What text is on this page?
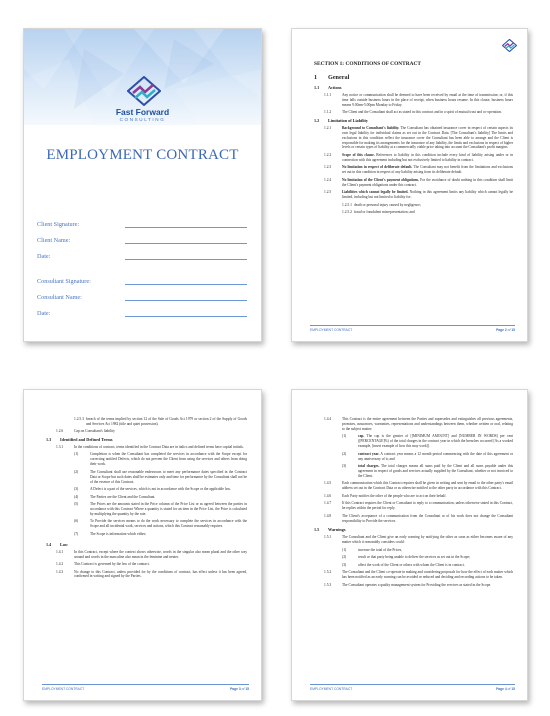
Fast Forward
CONSULTING
EMPLOYMENT CONTRACT
Client Signature:
Client Name:
Date:
Consultant Signature:
Consultant Name:
Date:
SECTION 1: CONDITIONS OF CONTRACT
1 General
1.1 Actions
1.1.1	Any notice or communication shall be deemed to have been received by email at the time of transmission; or, if this time falls outside business hours in the place of receipt, when business hours resume. In this clause, business hours means 9.00am-5.00pm Monday to Friday.
1.1.2	The Client and the Consultant shall act as stated in this contract and in a spirit of mutual trust and co-operation.
1.2 Limitation of Liability
1.2.1	Background to Consultant's liability. The Consultant has obtained insurance cover in respect of certain aspects its own legal liability for individual claims as set out in the Contract Data. [The Consultant's liability] The limits and exclusions in this condition reflect the insurance cover the Consultant has been able to arrange and the Client is responsible for making its arrangements for the insurance of any liability, the limits and exclusions in respect of higher levels or certain types of liability at a commercially viable price taking into account the Consultant's profit margins.
1.2.2	Scope of this clause. References to liability in this condition include every kind of liability arising under or in connection with this agreement including but not exclusively limited to liability in contract.
1.2.3	No limitation in respect of deliberate default. The Consultant may not benefit from the limitations and exclusions set out in this condition in respect of any liability arising from its deliberate default.
1.2.4	No limitation of the Client's payment obligations. For the avoidance of doubt nothing in this condition shall limit the Client's payment obligations under this contract.
1.2.5	Liabilities which cannot legally be limited. Nothing in this agreement limits any liability which cannot legally be limited, including but not limited to liability for:
1.2.5.1 death or personal injury caused by negligence;
1.2.5.2 fraud or fraudulent misrepresentation; and
EMPLOYMENT CONTRACT	Page 2 of 15
1.2.5.3 breach of the terms implied by section 12 of the Sale of Goods Act 1979 or section 2 of the Supply of Goods and Services Act 1982 (title and quiet possession).
1.2.6	Cap on Consultant's liability
1.3 Identified and Defined Terms
1.3.1	In the conditions of contract, terms identified in the Contract Data are in italics and defined terms have capital initials.
(1)	Completion is when the Consultant has completed the services in accordance with the Scope except for correcting notified Defects, which do not prevent the Client from using the services and others from doing their work.
(2)	The Consultant shall use reasonable endeavours to meet any performance dates specified in the Contract Data or Scope but such dates shall be estimates only and time for performance by the Consultant shall not be of the essence of this Contract.
(3)	A Defect is a part of the services, which is not in accordance with the Scope or the applicable law.
(4)	The Parties are the Client and the Consultant.
(5)	The Prices are the amounts stated in the Price column of the Price List or as agreed between the parties in accordance with this Contract Where a quantity is stated for an item in the Price List, the Price is calculated by multiplying the quantity by the rate.
(6)	To Provide the services means to do the work necessary to complete the services in accordance with the Scope and all incidental work, services and actions, which this Contract reasonably requires.
(7)	The Scope is information which either;
1.4 Law
1.4.1	In this Contract, except where the context shows otherwise, words in the singular also mean plural and the other way around and words in the masculine also mean in the feminine and neuter.
1.4.2	This Contract is governed by the law of the contract.
1.4.3	No change to this Contract, unless provided for by the conditions of contract, has effect unless it has been agreed, confirmed in writing and signed by the Parties.
EMPLOYMENT CONTRACT	Page 3 of 15
1.4.4	This Contract is the entire agreement between the Parties and supersedes and extinguishes all previous agreements, promises, assurances, warranties, representations and understandings between them, whether written or oral, relating to the subject matter:
(1)	cap. The cap is the greater of [[MINIMUM AMOUNT] and [NUMBER IN WORDS] per cent ([PERCENTAGE]%) of the total charges in the contract year in which the breaches occurred [As a worked example, [insert example of how this may work]].
(2)	contract year. A contract year means a 12 month period commencing with the date of this agreement or any anniversary of it; and
(3)	total charges. The total charges means all sums paid by the Client and all sums payable under this agreement in respect of goods and services actually supplied by the Consultant, whether or not invoiced to the Client.
1.4.5	Each communication which this Contract requires shall be given in writing and sent by email to the other party's email address set out in the Contract Data or as otherwise notified to the other party in accordance with this Contract.
1.4.6	Each Party notifies the other of the people who are to act on their behalf.
1.4.7	If this Contract requires the Client or Consultant to reply to a communication, unless otherwise stated in this Contract, he replies within the period for reply.
1.4.8	The Client's acceptance of a communication from the Consultant or of his work does not change the Consultant responsibility to Provide the services.
1.5 Warnings
1.5.1	The Consultant and the Client give an early warning by notifying the other as soon as either becomes aware of any matter which it reasonably considers could:
(1)	increase the total of the Prices,
(2)	result or that party being unable to deliver the services as set out in the Scope;
(3)	affect the work of the Client or others with whom the Client is in contract.
1.5.2	The Consultant and the Client co-operate in making and considering proposals for how the effect of each matter which has been notified as an early warning can be avoided or reduced and deciding and recording actions to be taken.
1.5.3	The Consultant operates a quality management system for Providing the services as stated in the Scope.
EMPLOYMENT CONTRACT	Page 4 of 15
